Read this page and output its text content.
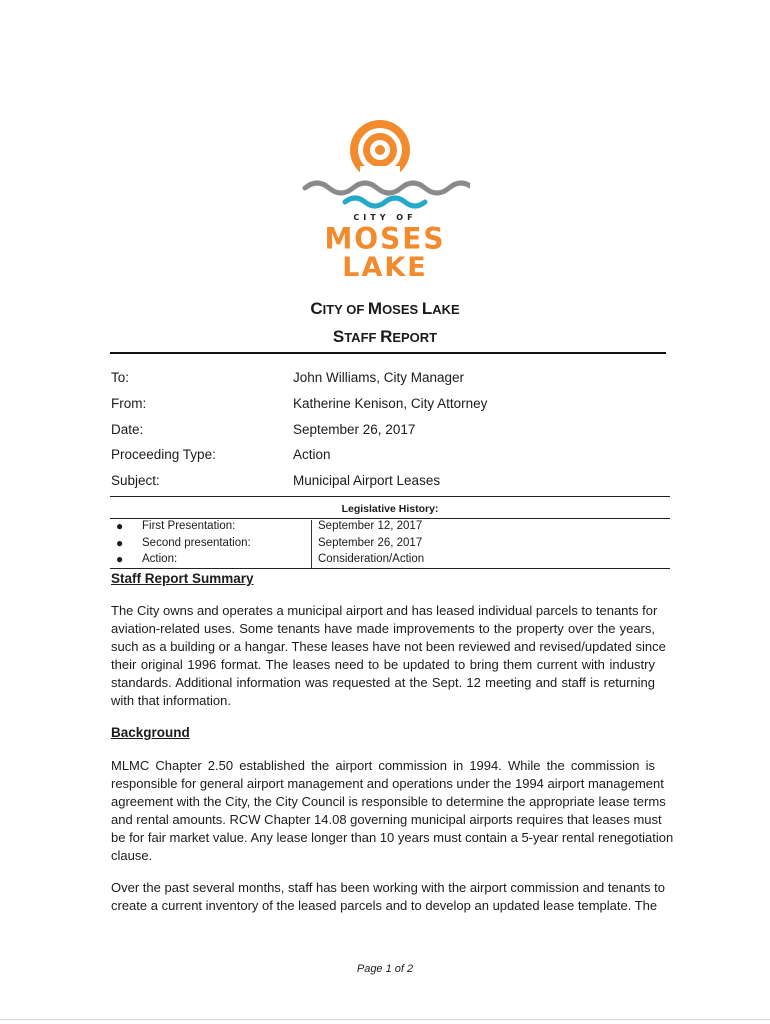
CITY OF
MOSES
LAKE
CITY OF MOSES LAKE
STAFF REPORT
To:	John Williams, City Manager
From:	Katherine Kenison, City Attorney
Date:	September 26, 2017
Proceeding Type:	Action
Subject:	Municipal Airport Leases
Legislative History:
● First Presentation:	September 12, 2017
● Second presentation:	September 26, 2017
● Action:	Consideration/Action
Staff Report Summary
The City owns and operates a municipal airport and has leased individual parcels to tenants for
aviation-related uses. Some tenants have made improvements to the property over the years,
such as a building or a hangar. These leases have not been reviewed and revised/updated since
their original 1996 format. The leases need to be updated to bring them current with industry
standards. Additional information was requested at the Sept. 12 meeting and staff is returning
with that information.
Background
MLMC Chapter 2.50 established the airport commission in 1994. While the commission is
responsible for general airport management and operations under the 1994 airport management
agreement with the City, the City Council is responsible to determine the appropriate lease terms
and rental amounts. RCW Chapter 14.08 governing municipal airports requires that leases must
be for fair market value. Any lease longer than 10 years must contain a 5-year rental renegotiation
clause.
Over the past several months, staff has been working with the airport commission and tenants to
create a current inventory of the leased parcels and to develop an updated lease template. The
Page 1 of 2
